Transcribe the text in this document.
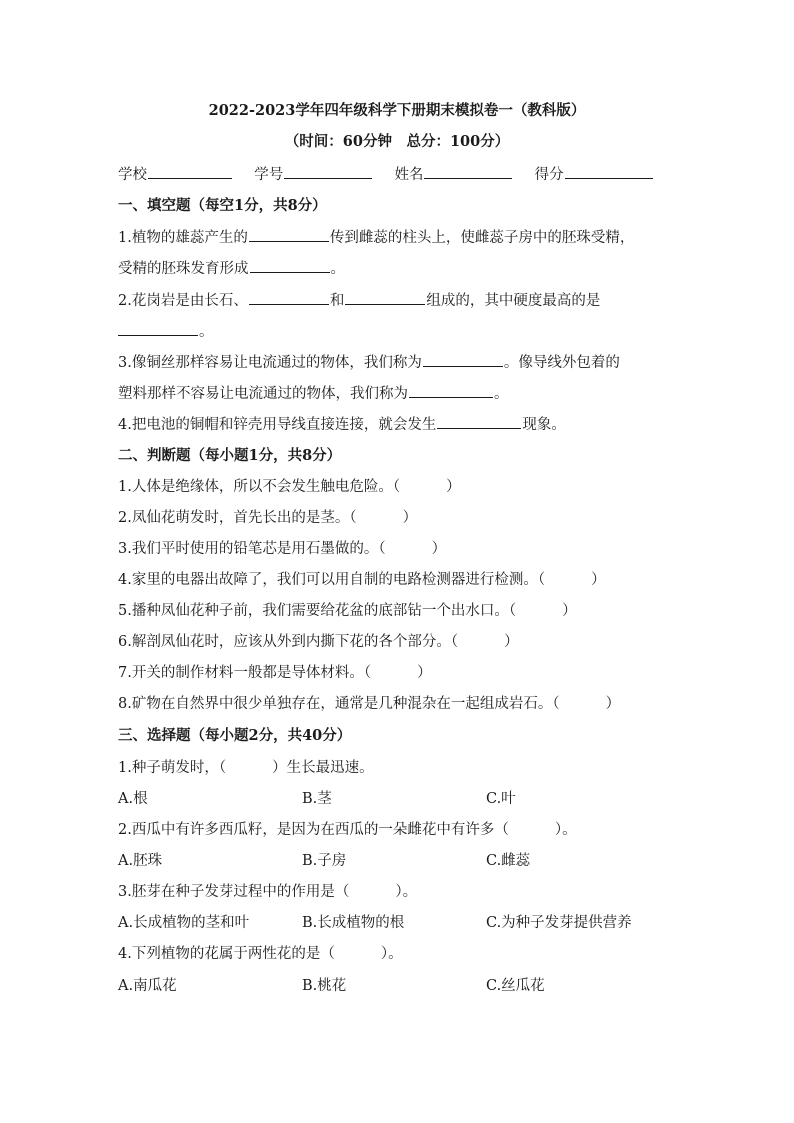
2022-2023学年四年级科学下册期末模拟卷一（教科版）
（时间：60分钟　总分：100分）
学校	学号	姓名	得分
一、填空题（每空1分，共8分）
1.植物的雄蕊产生的	传到雌蕊的柱头上，使雌蕊子房中的胚珠受精，
受精的胚珠发育形成	。
2.花岗岩是由长石、	和	组成的，其中硬度最高的是
。
3.像铜丝那样容易让电流通过的物体，我们称为	。像导线外包着的
塑料那样不容易让电流通过的物体，我们称为	。
4.把电池的铜帽和锌壳用导线直接连接，就会发生	现象。
二、判断题（每小题1分，共8分）
1.人体是绝缘体，所以不会发生触电危险。（	）
2.凤仙花萌发时，首先长出的是茎。（	）
3.我们平时使用的铅笔芯是用石墨做的。（	）
4.家里的电器出故障了，我们可以用自制的电路检测器进行检测。（	）
5.播种凤仙花种子前，我们需要给花盆的底部钻一个出水口。（	）
6.解剖凤仙花时，应该从外到内撕下花的各个部分。（	）
7.开关的制作材料一般都是导体材料。（	）
8.矿物在自然界中很少单独存在，通常是几种混杂在一起组成岩石。（	）
三、选择题（每小题2分，共40分）
1.种子萌发时，（	）生长最迅速。
A.根	B.茎	C.叶
2.西瓜中有许多西瓜籽，是因为在西瓜的一朵雌花中有许多（	）。
A.胚珠	B.子房	C.雌蕊
3.胚芽在种子发芽过程中的作用是（	）。
A.长成植物的茎和叶	B.长成植物的根	C.为种子发芽提供营养
4.下列植物的花属于两性花的是（	）。
A.南瓜花	B.桃花	C.丝瓜花
